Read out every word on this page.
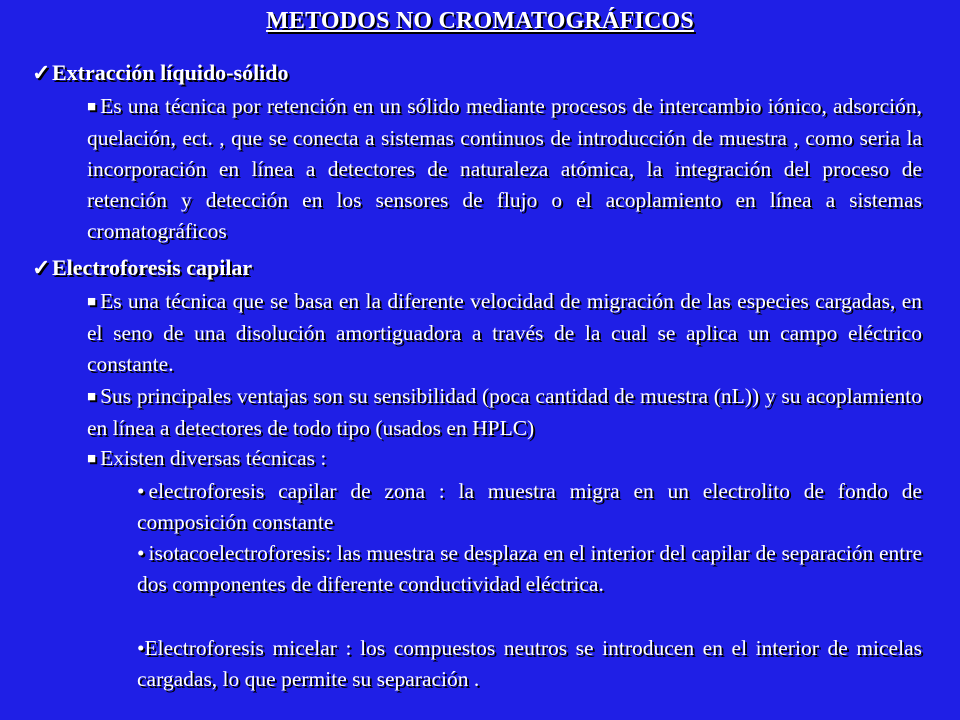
METODOS NO CROMATOGRÁFICOS
✓Extracción líquido-sólido
■ Es una técnica por retención en un sólido mediante procesos de intercambio iónico, adsorción, quelación, ect. , que se conecta a sistemas continuos de introducción de muestra , como seria la incorporación en línea a detectores de naturaleza atómica, la integración del proceso de retención y detección en los sensores de flujo o el acoplamiento en línea a sistemas cromatográficos
✓Electroforesis capilar
■ Es una técnica que se basa en la diferente velocidad de migración de las especies cargadas, en el seno de una disolución amortiguadora a través de la cual se aplica un campo eléctrico constante.
■ Sus principales ventajas son su sensibilidad (poca cantidad de muestra (nL)) y su acoplamiento en línea a detectores de todo tipo (usados en HPLC)
■ Existen diversas técnicas :
• electroforesis capilar de zona : la muestra migra en un electrolito de fondo de composición constante
• isotacoelectroforesis: las muestra se desplaza en el interior del capilar de separación entre dos componentes de diferente conductividad eléctrica.
•Electroforesis micelar : los compuestos neutros se introducen en el interior de micelas cargadas, lo que permite su separación .
